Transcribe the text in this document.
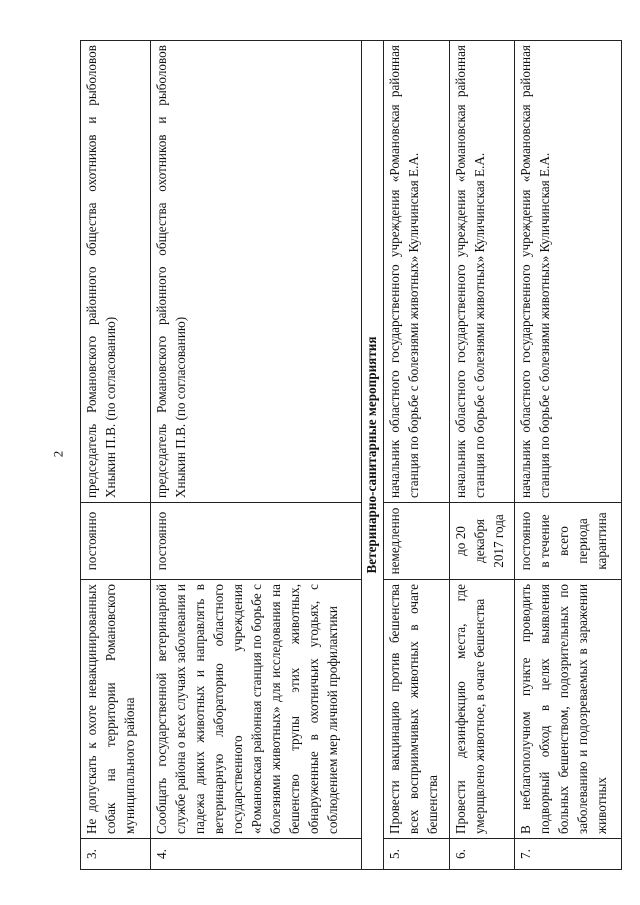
2
3.	Не допускать к охоте невакцинированных собак на территории Романовского муниципального района	постоянно	председатель Романовского районного общества охотников и рыболовов Хныкин П.В. (по согласованию)
4.	Сообщать государственной ветеринарной службе района о всех случаях заболевания и падежа диких животных и направлять в ветеринарную лабораторию областного государственного учреждения «Романовская районная станция по борьбе с болезнями животных» для исследования на бешенство трупы этих животных, обнаруженные в охотничьих угодьях, с соблюдением мер личной профилактики	постоянно	председатель Романовского районного общества охотников и рыболовов Хныкин П.В. (по согласованию)
Ветеринарно-санитарные мероприятия			
5.	Провести вакцинацию против бешенства всех восприимчивых животных в очаге бешенства	немедленно	начальник областного государственного учреждения «Романовская районная станция по борьбе с болезнями животных» Куличинская Е.А.
6.	Провести дезинфекцию места, где умерщвлено животное, в очаге бешенства	до 20 декабря 2017 года	начальник областного государственного учреждения «Романовская районная станция по борьбе с болезнями животных» Куличинская Е.А.
7.	В неблагополучном пункте проводить подворный обход в целях выявления больных бешенством, подозрительных по заболеванию и подозреваемых в заражении животных	постоянно в течение всего периода карантина	начальник областного государственного учреждения «Романовская районная станция по борьбе с болезнями животных» Куличинская Е.А.
